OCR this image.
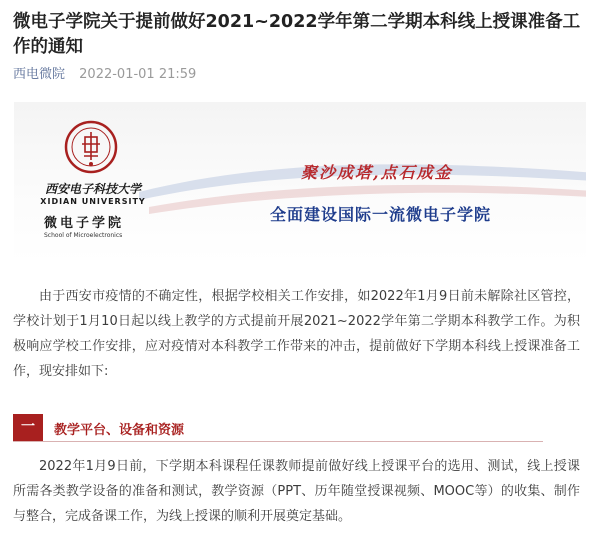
微电子学院关于提前做好2021~2022学年第二学期本科线上授课准备工作的通知
西电微院 2022-01-01 21:59
西安电子科技大学
XIDIAN UNIVERSITY
微电子学院
School of Microelectronics
聚沙成塔,点石成金
全面建设国际一流微电子学院

由于西安市疫情的不确定性，根据学校相关工作安排，如2022年1月9日前未解除社区管控，学校计划于1月10日起以线上教学的方式提前开展2021~2022学年第二学期本科教学工作。为积极响应学校工作安排，应对疫情对本科教学工作带来的冲击，提前做好下学期本科线上授课准备工作，现安排如下:

一	教学平台、设备和资源

2022年1月9日前，下学期本科课程任课教师提前做好线上授课平台的选用、测试，线上授课所需各类教学设备的准备和测试，教学资源（PPT、历年随堂授课视频、MOOC等）的收集、制作与整合，完成备课工作，为线上授课的顺利开展奠定基础。
